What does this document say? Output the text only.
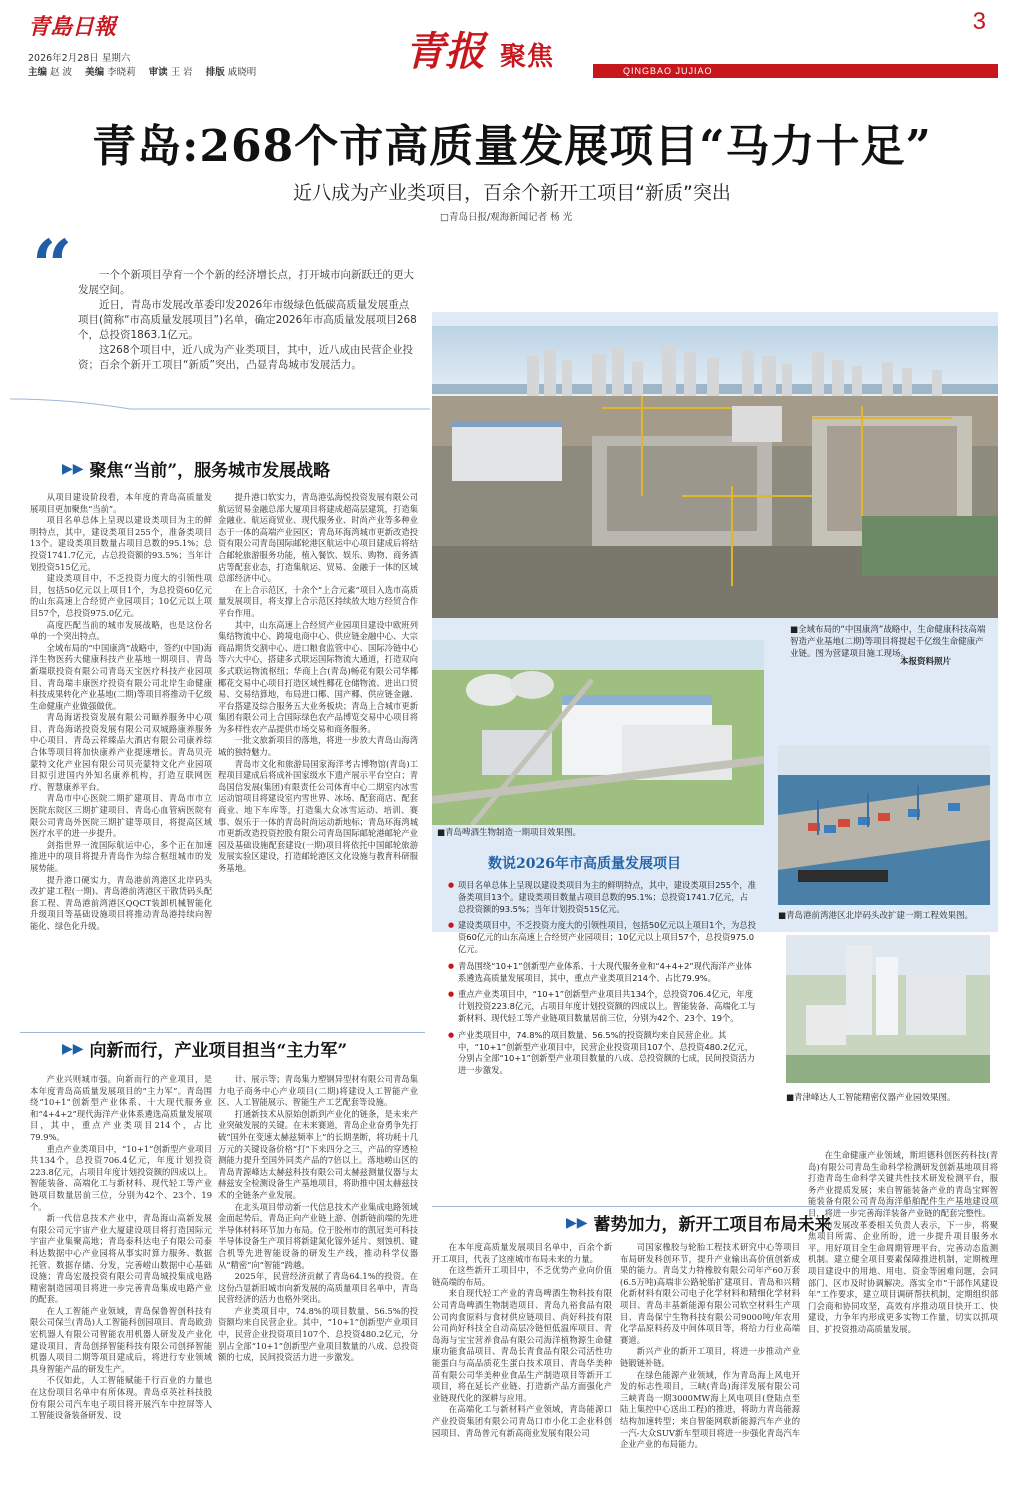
青島日報
2026年2月28日 星期六
主编 赵 波 美编 李晓莉 审读 王 岩 排版 戚晓明	青报 聚焦	QINGBAO JUJIAO
3
青岛:268个市高质量发展项目“马力十足”
近八成为产业类项目，百余个新开工项目“新质”突出
□青岛日报/观海新闻记者 杨 光
“	一个个新项目孕育一个个新的经济增长点，打开城市向新跃迁的更大发展空间。

近日，青岛市发展改革委印发2026年市级绿色低碳高质量发展重点项目(简称“市高质量发展项目”)名单，确定2026年市高质量发展项目268个，总投资1863.1亿元。

这268个项目中，近八成为产业类项目，其中，近八成由民营企业投资；百余个新开工项目“新质”突出，凸显青岛城市发展活力。

■全域布局的“中国康湾”战略中，生命健康科技高端智造产业基地(二期)等项目将提起千亿级生命健康产业链。图为营建项目施工现场。
本报资料照片
■青岛啤酒生物制造一期项目效果图。
■青岛港前湾港区北岸码头改扩建一期工程效果图。
数说2026年市高质量发展项目
● 项目名单总体上呈现以建设类项目为主的鲜明特点，其中，建设类项目255个，准备类项目13个。建设类项目数量占项目总数的95.1%；总投资1741.7亿元，占总投资额的93.5%；当年计划投资515亿元。
● 建设类项目中，不乏投资力度大的引领性项目，包括50亿元以上项目1个，为总投资60亿元的山东高速上合经贸产业园项目；10亿元以上项目57个，总投资975.0亿元。
● 青岛围绕“10+1”创新型产业体系、十大现代服务业和“4+4+2”现代海洋产业体系遴选高质量发展项目，其中，重点产业类项目214个、占比79.9%。
● 重点产业类项目中，“10+1”创新型产业项目共134个，总投资706.4亿元，年度计划投资223.8亿元，占项目年度计划投资额的四成以上。智能装备、高端化工与新材料、现代轻工等产业链项目数量居前三位，分别为42个、23个、19个。
● 产业类项目中，74.8%的项目数量、56.5%的投资额均来自民营企业。其中，“10+1”创新型产业项目中，民营企业投资项目107个、总投资480.2亿元，分别占全部“10+1”创新型产业项目数量的八成、总投资额的七成，民间投资活力进一步激发。
■青津峰达人工智能精密仪器产业园效果图。
▶▶ 聚焦“当前”，服务城市发展战略

从项目建设阶段看，本年度的青岛高质量发展项目更加聚焦“当前”。

项目名单总体上呈现以建设类项目为主的鲜明特点，其中，建设类项目255个，准备类项目13个。建设类项目数量占项目总数的95.1%；总投资1741.7亿元，占总投资额的93.5%；当年计划投资515亿元。

建设类项目中，不乏投资力度大的引领性项目，包括50亿元以上项目1个，为总投资60亿元的山东高速上合经贸产业园项目；10亿元以上项目57个，总投资975.0亿元。

高度匹配当前的城市发展战略，也是这份名单的一个突出特点。

全域布局的“中国康湾”战略中，签约(中国)海洋生物医药大健康科技产业基地一期项目、青岛新瑞联投资有限公司青岛天宝医疗科技产业园项目、青岛瑞丰康医疗投资有限公司北岸生命健康科技成果转化产业基地(二期)等项目将推动千亿级生命健康产业做强做优。

青岛海诺投资发展有限公司颐养服务中心项目、青岛海诺投资发展有限公司双城路康养服务中心项目、青岛云祥臻品大酒店有限公司康养综合体等项目将加快康养产业提速增长。青岛贝壳蒙特文化产业园有限公司贝壳蒙特文化产业园项目拟引进国内外知名康养机构，打造互联网医疗、智慧康养平台。

青岛市中心医院二期扩建项目、青岛市市立医院东院区三期扩建项目、青岛心血管病医院有限公司青岛外医院三期扩建等项目，将提高区域医疗水平的进一步提升。

剑指世界一流国际航运中心，多个正在加速推进中的项目将提升青岛作为综合枢纽城市的发展势能。

提升港口硬实力，青岛港前湾港区北岸码头改扩建工程(一期)、青岛港前湾港区干散货码头配套工程、青岛港前湾港区QQCT装卸机械智能化升级项目等基础设施项目将推动青岛港持续向智能化、绿色化升级。

提升港口软实力，青岛港弘海悦投资发展有限公司航运贸易金融总部大厦项目将建成超高层建筑，打造集金融业、航运商贸业、现代服务业、时尚产业等多种业态于一体的高端产业园区；青岛环海湾城市更新改造投资有限公司青岛国际邮轮港区航运中心项目建成后将结合邮轮旅游服务功能，植入餐饮、娱乐、购物、商务酒店等配套业态，打造集航运、贸易、金融于一体的区域总部经济中心。

在上合示范区，十余个“上合元素”项目入选市高质量发展项目，将支撑上合示范区持续放大地方经贸合作平台作用。

其中，山东高速上合经贸产业园项目建设中欧班列集结物流中心、跨境电商中心、供应链金融中心、大宗商品期货交割中心、进口粮食监管中心、国际冷链中心等六大中心，搭建多式联运国际物流大通道，打造双向多式联运物流枢纽；华商上合(青岛)畅花有限公司华椰椰花交易中心项目打造区域性椰花仓储物流、进出口贸易、交易结算地，布局进口椰、国产椰、供应链金融、平台搭建及综合服务五大业务板块；青岛上合城市更新集团有限公司上合国际绿色农产品博览交易中心项目将为多样性农产品提供市场交易和商务服务。

一批文旅新项目的落地，将进一步放大青岛山海湾城的独特魅力。

青岛市文化和旅游局国家海洋考古博物馆(青岛)工程项目建成后将成补国家级水下遗产展示平台空白；青岛国信发展(集团)有限责任公司体育中心二期室内冰雪运动馆项目将建设室内雪世界、冰场、配套商店、配套商业、地下车库等，打造集大众冰雪运动、培训、赛事、娱乐于一体的青岛时尚运动新地标；青岛环海湾城市更新改造投资控股有限公司青岛国际邮轮港邮轮产业园及基础设施配套建设(一期)项目将依托中国邮轮旅游发展实验区建设，打造邮轮港区文化设施与教育科研服务基地。

▶▶ 向新而行，产业项目担当“主力军”

产业兴则城市强。向新而行的产业项目，是本年度青岛高质量发展项目的“主力军”。青岛围绕“10+1”创新型产业体系、十大现代服务业和“4+4+2”现代海洋产业体系遴选高质量发展项目，其中，重点产业类项目214个，占比79.9%。

重点产业类项目中，“10+1”创新型产业项目共134个，总投资706.4亿元，年度计划投资223.8亿元，占项目年度计划投资额的四成以上。智能装备、高端化工与新材料、现代轻工等产业链项目数量居前三位，分别为42个、23个、19个。

新一代信息技术产业中，青岛海山高新发展有限公司元宇宙产业大厦建设项目将打造国际元宇宙产业集聚高地；青岛泰科达电子有限公司泰科达数据中心产业园将从事实时算力服务、数据托管、数据存储、分发，完善崂山数据中心基础设施；青岛宏晟投资有限公司青岛城投集成电路精密制造园项目将进一步完善青岛集成电路产业的配套。

在人工智能产业领域，青岛保鲁智创科技有限公司保兰(青岛)人工智能科创园项目、青岛欧劲宏机器人有限公司智能农用机器人研发及产业化建设项目、青岛创择智能科技有限公司创择智能机器人项目二期等项目建成后，将进行专业领域具身智能产品的研发生产。

不仅如此，人工智能赋能千行百业的力量也在这份项目名单中有所体现。青岛卓英社科技股份有限公司汽车电子项目将开展汽车中控屏等人工智能设备装备研发、设

计、展示等；青岛集力塑钢异型材有限公司青岛集力电子商务中心产业项目(二期)将建设人工智能产业区、人工智能展示、智能生产工艺配套等设施。

打通新技术从原始创新到产业化的链条，是未来产业突破发展的关键。在未来赛道，青岛企业奋勇争先打破“国外在变速太赫兹频率上”的长期垄断，将功耗十几万元的关键设备价格“打”下来四分之三，产品的穿透检测能力提升至国外同类产品的7倍以上。落地崂山区的青岛青源峰达太赫兹科技有限公司太赫兹测量仪器与太赫兹安全检测设备生产基地项目，将助推中国太赫兹技术的全链条产业发展。

在北头项目带动新一代信息技术产业集成电路领域金面起势后，青岛正向产业链上游、创新链前端的先进半导体材料环节加力布局。位于胶州市的凯冠美可科技半导体设备生产项目将新建氮化镓外延片、刻蚀机、键合机等先进智能设备的研发生产线，推动科学仪器从“精密”向“智能”跨越。

2025年，民营经济贡献了青岛64.1%的投资。在这份凸显新旧城市向新发展的高质量项目名单中，青岛民营经济的活力也格外突出。

产业类项目中，74.8%的项目数量、56.5%的投资额均来自民营企业。其中，“10+1”创新型产业项目中，民营企业投资项目107个、总投资480.2亿元，分别占全部“10+1”创新型产业项目数量的八成、总投资额的七成，民间投资活力进一步激发。

▶▶ 蓄势加力，新开工项目布局未来

在本年度高质量发展项目名单中，百余个新开工项目，代表了这座城市布局未来的力量。

在这些新开工项目中，不乏优势产业向价值链高端的布局。

来自现代轻工产业的青岛啤酒生物科技有限公司青岛啤酒生物制造项目、青岛九裕食品有限公司肉食原料与食材供应链项目、尚好科技有限公司尚好科技全自动高层冷链恒低温库项目、青岛海与宝宝营养食品有限公司海洋植物源生命健康功能食品项目、青岛长青食品有限公司活性功能蛋白与高品质花生蛋白技术项目、青岛华美种苗有限公司华美种业食品生产制造项目等新开工项目，将在延长产业链、打造新产品方面强化产业链现代化的深耕与应用。

在高端化工与新材料产业领域，青岛能源口产业投资集团有限公司青岛口市小化工企业科创园项目、青岛普元有新高商业发展有限公司

司国家橡胶与轮胎工程技术研究中心等项目布局研发科创环节，提升产业输出高价值创新成果的能力。青岛艾力特橡胶有限公司年产60万套(6.5万吨)高端非公路轮胎扩建项目、青岛和兴精化新材料有限公司电子化学材料和精细化学材料项目、青岛丰基新能源有限公司软空材料生产项目、青岛保宁生物科技有限公司9000吨/年农用化学品原料药及中间体项目等，将给力行业高端赛道。

新兴产业的新开工项目，将进一步推动产业链锻链补链。

在绿色能源产业领域，作为青岛海上风电开发的标志性项目，三峡(青岛)海洋发展有限公司三峡青岛一期3000MW海上风电项目(登陆点至陆上集控中心送出工程)的推进，将助力青岛能源结构加速转型；来自智能网联新能源汽车产业的一汽-大众SUV新车型项目将进一步强化青岛汽车企业产业的布局能力。

在生命健康产业领域，斯坦德科创医药科技(青岛)有限公司青岛生命科学检测研发创新基地项目将打造青岛生命科学关键共性技术研发检测平台，服务产业提质发展；来自智能装备产业的青岛宝辉智能装备有限公司青岛海洋船舶配件生产基地建设项目，将进一步完善海洋装备产业链的配套完整性。

市发展改革委相关负责人表示，下一步，将聚焦项目所需、企业所盼，进一步提升项目服务水平。用好项目全生命周期管理平台，完善动态监测机制。建立健全项目要素保障推进机制，定期梳理项目建设中的用地、用电、资金等困难问题，会同部门、区市及时协调解决。落实全市“干部作风建设年”工作要求，建立项目调研帮扶机制，定期组织部门会商和协同攻坚，高效有序推动项目快开工、快建设，力争年内形成更多实物工作量，切实以抓项目、扩投资推动高质量发展。
